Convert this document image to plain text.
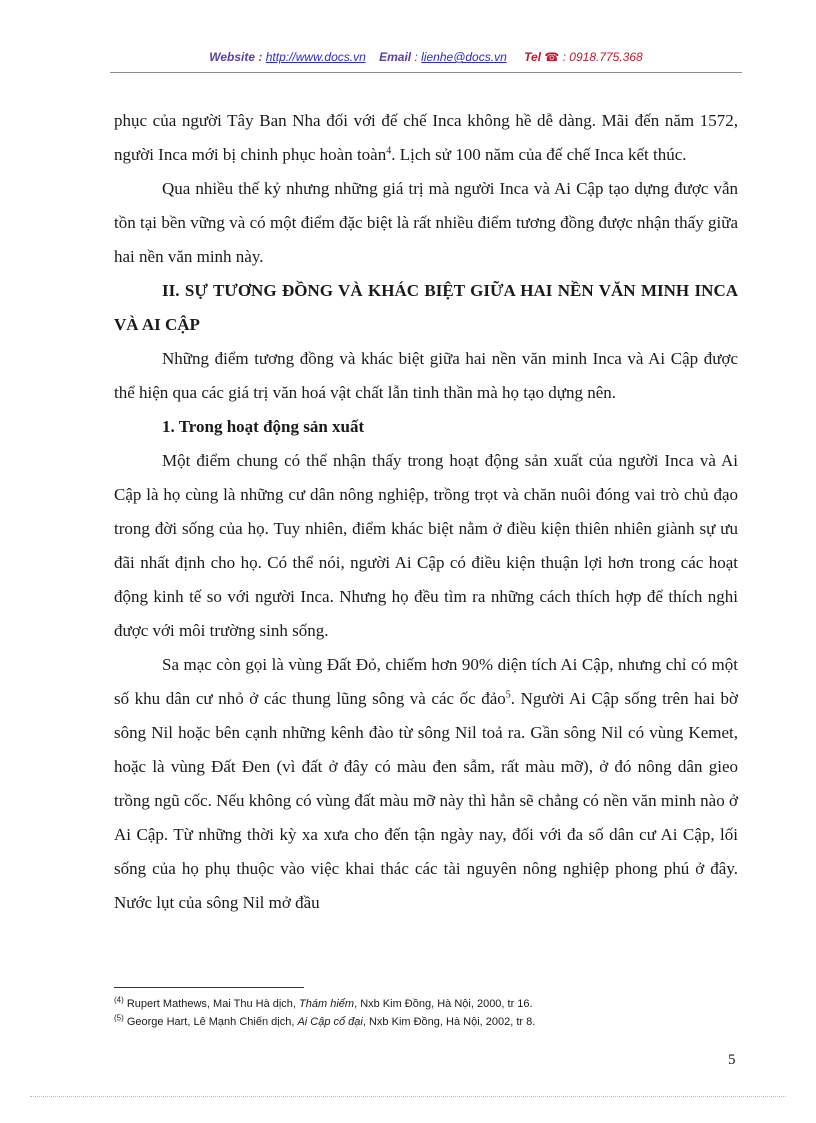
Website : http://www.docs.vn Email : lienhe@docs.vn Tel ☎ : 0918.775.368

phục của người Tây Ban Nha đối với đế chế Inca không hề dễ dàng. Mãi đến năm 1572, người Inca mới bị chinh phục hoàn toàn$^4$. Lịch sử 100 năm của đế chế Inca kết thúc.

Qua nhiều thế kỷ nhưng những giá trị mà người Inca và Ai Cập tạo dựng được vẫn tồn tại bền vững và có một điểm đặc biệt là rất nhiều điểm tương đồng được nhận thấy giữa hai nền văn minh này.

II. SỰ TƯƠNG ĐỒNG VÀ KHÁC BIỆT GIỮA HAI NỀN VĂN MINH INCA VÀ AI CẬP

Những điểm tương đồng và khác biệt giữa hai nền văn minh Inca và Ai Cập được thể hiện qua các giá trị văn hoá vật chất lẫn tinh thần mà họ tạo dựng nên.

1. Trong hoạt động sản xuất

Một điểm chung có thể nhận thấy trong hoạt động sản xuất của người Inca và Ai Cập là họ cùng là những cư dân nông nghiệp, trồng trọt và chăn nuôi đóng vai trò chủ đạo trong đời sống của họ. Tuy nhiên, điểm khác biệt nằm ở điều kiện thiên nhiên giành sự ưu đãi nhất định cho họ. Có thể nói, người Ai Cập có điều kiện thuận lợi hơn trong các hoạt động kinh tế so với người Inca. Nhưng họ đều tìm ra những cách thích hợp để thích nghi được với môi trường sinh sống.

Sa mạc còn gọi là vùng Đất Đỏ, chiếm hơn 90% diện tích Ai Cập, nhưng chỉ có một số khu dân cư nhỏ ở các thung lũng sông và các ốc đảo$^5$. Người Ai Cập sống trên hai bờ sông Nil hoặc bên cạnh những kênh đào từ sông Nil toả ra. Gần sông Nil có vùng Kemet, hoặc là vùng Đất Đen (vì đất ở đây có màu đen sẫm, rất màu mỡ), ở đó nông dân gieo trồng ngũ cốc. Nếu không có vùng đất màu mỡ này thì hẳn sẽ chẳng có nền văn minh nào ở Ai Cập. Từ những thời kỳ xa xưa cho đến tận ngày nay, đối với đa số dân cư Ai Cập, lối sống của họ phụ thuộc vào việc khai thác các tài nguyên nông nghiệp phong phú ở đây. Nước lụt của sông Nil mở đầu

$^{(4)}$ Rupert Mathews, Mai Thu Hà dịch, Thám hiểm, Nxb Kim Đồng, Hà Nội, 2000, tr 16.

$^{(5)}$ George Hart, Lê Mạnh Chiến dịch, Ai Cập cổ đại, Nxb Kim Đồng, Hà Nội, 2002, tr 8.

5
